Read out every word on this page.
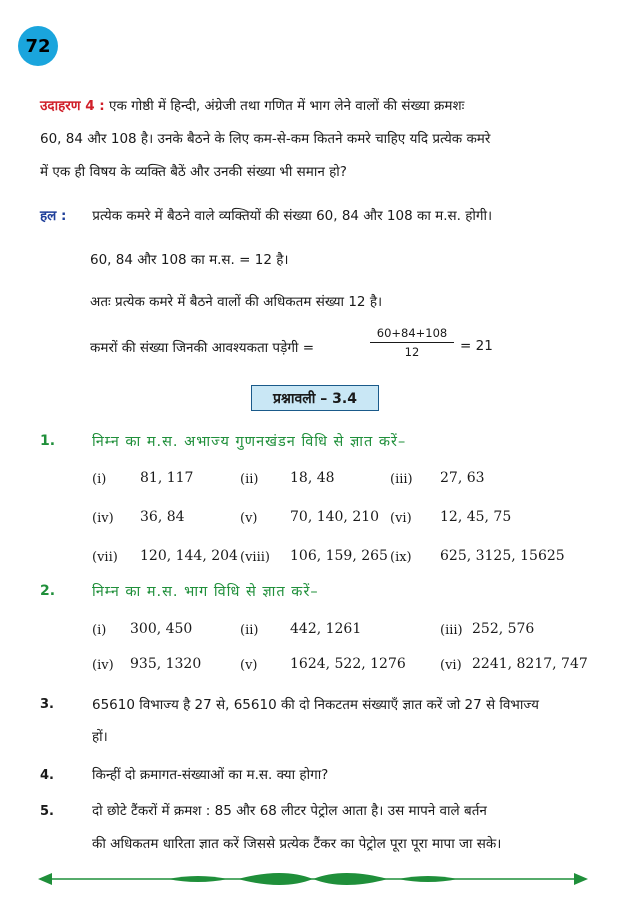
72
उदाहरण 4 : एक गोष्ठी में हिन्दी, अंग्रेजी तथा गणित में भाग लेने वालों की संख्या क्रमशः
60, 84 और 108 है। उनके बैठने के लिए कम-से-कम कितने कमरे चाहिए यदि प्रत्येक कमरे
में एक ही विषय के व्यक्ति बैठें और उनकी संख्या भी समान हो?
हल : प्रत्येक कमरे में बैठने वाले व्यक्तियों की संख्या 60, 84 और 108 का म.स. होगी।
60, 84 और 108 का म.स. = 12 है।
अतः प्रत्येक कमरे में बैठने वालों की अधिकतम संख्या 12 है।
कमरों की संख्या जिनकी आवश्यकता पड़ेगी =	$\frac{60+84+108}{12} = 21$
प्रश्नावली – 3.4
1.	निम्न का म.स. अभाज्य गुणनखंडन विधि से ज्ञात करें–
(i) 81, 117	(ii) 18, 48	(iii) 27, 63
(iv) 36, 84	(v) 70, 140, 210 (vi) 12, 45, 75
(vii) 120, 144, 204 (viii) 106, 159, 265 (ix) 625, 3125, 15625
2.	निम्न का म.स. भाग विधि से ज्ञात करें–
(i) 300, 450	(ii) 442, 1261	(iii) 252, 576
(iv) 935, 1320	(v) 1624, 522, 1276	(vi) 2241, 8217, 747
3.	65610 विभाज्य है 27 से, 65610 की दो निकटतम संख्याएँ ज्ञात करें जो 27 से विभाज्य
हों।
4.	किन्हीं दो क्रमागत-संख्याओं का म.स. क्या होगा?
5.	दो छोटे टैंकरों में क्रमश : 85 और 68 लीटर पेट्रोल आता है। उस मापने वाले बर्तन
की अधिकतम धारिता ज्ञात करें जिससे प्रत्येक टैंकर का पेट्रोल पूरा पूरा मापा जा सके।
